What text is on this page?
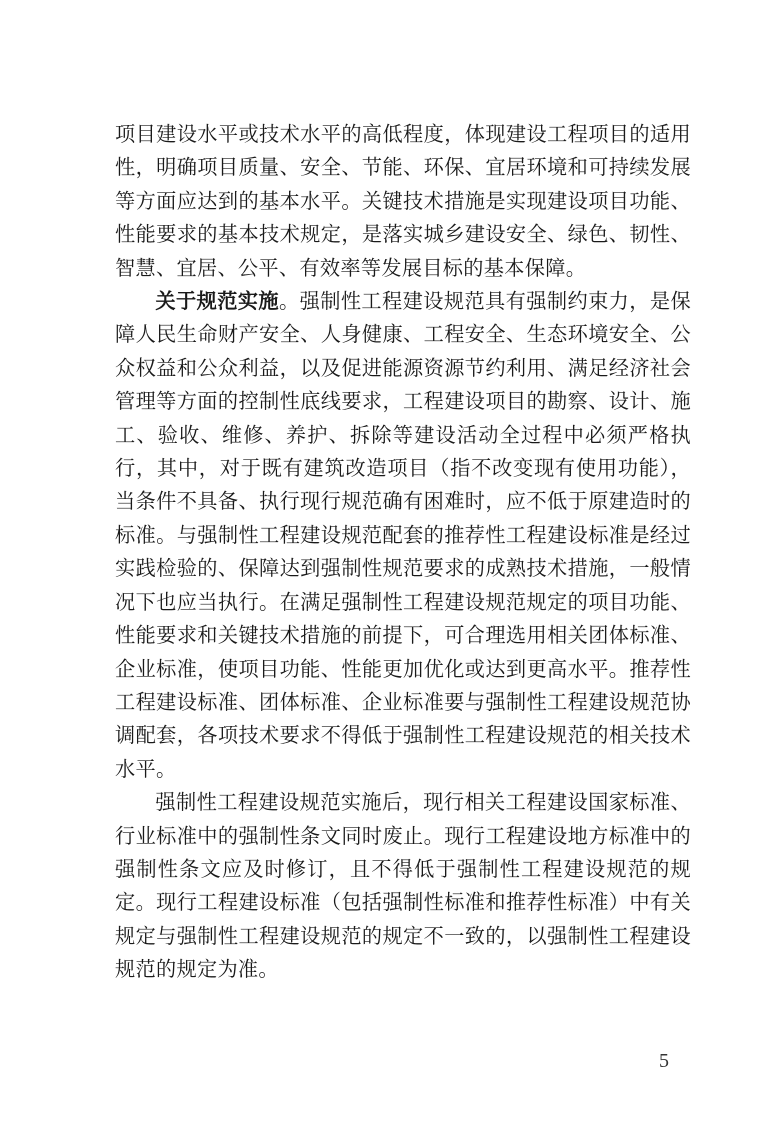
项目建设水平或技术水平的高低程度，体现建设工程项目的适用性，明确项目质量、安全、节能、环保、宜居环境和可持续发展等方面应达到的基本水平。关键技术措施是实现建设项目功能、性能要求的基本技术规定，是落实城乡建设安全、绿色、韧性、智慧、宜居、公平、有效率等发展目标的基本保障。

关于规范实施。强制性工程建设规范具有强制约束力，是保障人民生命财产安全、人身健康、工程安全、生态环境安全、公众权益和公众利益，以及促进能源资源节约利用、满足经济社会管理等方面的控制性底线要求，工程建设项目的勘察、设计、施工、验收、维修、养护、拆除等建设活动全过程中必须严格执行，其中，对于既有建筑改造项目（指不改变现有使用功能），当条件不具备、执行现行规范确有困难时，应不低于原建造时的标准。与强制性工程建设规范配套的推荐性工程建设标准是经过实践检验的、保障达到强制性规范要求的成熟技术措施，一般情况下也应当执行。在满足强制性工程建设规范规定的项目功能、性能要求和关键技术措施的前提下，可合理选用相关团体标准、企业标准，使项目功能、性能更加优化或达到更高水平。推荐性工程建设标准、团体标准、企业标准要与强制性工程建设规范协调配套，各项技术要求不得低于强制性工程建设规范的相关技术水平。

强制性工程建设规范实施后，现行相关工程建设国家标准、行业标准中的强制性条文同时废止。现行工程建设地方标准中的强制性条文应及时修订，且不得低于强制性工程建设规范的规定。现行工程建设标准（包括强制性标准和推荐性标准）中有关规定与强制性工程建设规范的规定不一致的，以强制性工程建设规范的规定为准。

5
